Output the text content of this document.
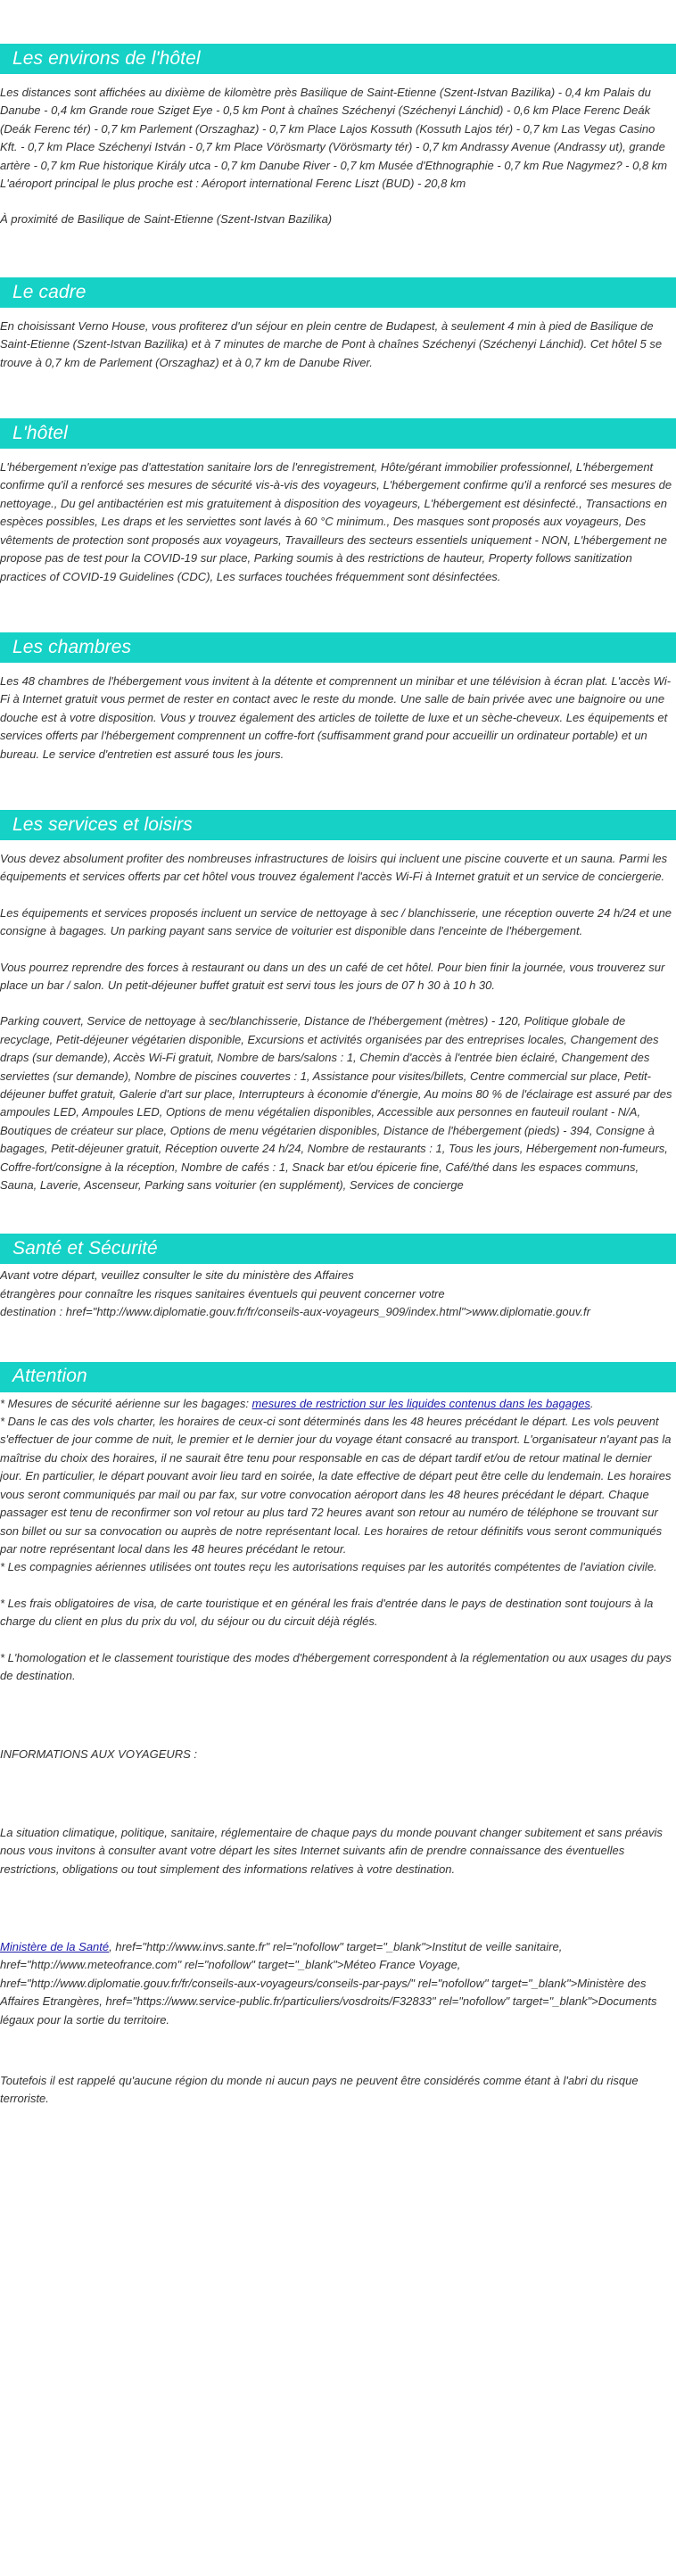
Les environs de l'hôtel

Les distances sont affichées au dixième de kilomètre près Basilique de Saint-Etienne (Szent-Istvan Bazilika) - 0,4 km Palais du Danube - 0,4 km Grande roue Sziget Eye - 0,5 km Pont à chaînes Széchenyi (Széchenyi Lánchid) - 0,6 km Place Ferenc Deák (Deák Ferenc tér) - 0,7 km Parlement (Orszaghaz) - 0,7 km Place Lajos Kossuth (Kossuth Lajos tér) - 0,7 km Las Vegas Casino Kft. - 0,7 km Place Széchenyi István - 0,7 km Place Vörösmarty (Vörösmarty tér) - 0,7 km Andrassy Avenue (Andrassy ut), grande artère - 0,7 km Rue historique Király utca - 0,7 km Danube River - 0,7 km Musée d'Ethnographie - 0,7 km Rue Nagymez? - 0,8 km L'aéroport principal le plus proche est : Aéroport international Ferenc Liszt (BUD) - 20,8 km

À proximité de Basilique de Saint-Etienne (Szent-Istvan Bazilika)

Le cadre

En choisissant Verno House, vous profiterez d'un séjour en plein centre de Budapest, à seulement 4 min à pied de Basilique de Saint-Etienne (Szent-Istvan Bazilika) et à 7 minutes de marche de Pont à chaînes Széchenyi (Széchenyi Lánchid). Cet hôtel 5 se trouve à 0,7 km de Parlement (Orszaghaz) et à 0,7 km de Danube River.

L'hôtel

L'hébergement n'exige pas d'attestation sanitaire lors de l'enregistrement, Hôte/gérant immobilier professionnel, L'hébergement confirme qu'il a renforcé ses mesures de sécurité vis-à-vis des voyageurs, L'hébergement confirme qu'il a renforcé ses mesures de nettoyage., Du gel antibactérien est mis gratuitement à disposition des voyageurs, L'hébergement est désinfecté., Transactions en espèces possibles, Les draps et les serviettes sont lavés à 60 °C minimum., Des masques sont proposés aux voyageurs, Des vêtements de protection sont proposés aux voyageurs, Travailleurs des secteurs essentiels uniquement - NON, L'hébergement ne propose pas de test pour la COVID-19 sur place, Parking soumis à des restrictions de hauteur, Property follows sanitization practices of COVID-19 Guidelines (CDC), Les surfaces touchées fréquemment sont désinfectées.

Les chambres

Les 48 chambres de l'hébergement vous invitent à la détente et comprennent un minibar et une télévision à écran plat. L'accès Wi-Fi à Internet gratuit vous permet de rester en contact avec le reste du monde. Une salle de bain privée avec une baignoire ou une douche est à votre disposition. Vous y trouvez également des articles de toilette de luxe et un sèche-cheveux. Les équipements et services offerts par l'hébergement comprennent un coffre-fort (suffisamment grand pour accueillir un ordinateur portable) et un bureau. Le service d'entretien est assuré tous les jours.

Les services et loisirs

Vous devez absolument profiter des nombreuses infrastructures de loisirs qui incluent une piscine couverte et un sauna. Parmi les équipements et services offerts par cet hôtel vous trouvez également l'accès Wi-Fi à Internet gratuit et un service de conciergerie.

Les équipements et services proposés incluent un service de nettoyage à sec / blanchisserie, une réception ouverte 24 h/24 et une consigne à bagages. Un parking payant sans service de voiturier est disponible dans l'enceinte de l'hébergement.

Vous pourrez reprendre des forces à restaurant ou dans un des un café de cet hôtel. Pour bien finir la journée, vous trouverez sur place un bar / salon. Un petit-déjeuner buffet gratuit est servi tous les jours de 07 h 30 à 10 h 30.

Parking couvert, Service de nettoyage à sec/blanchisserie, Distance de l'hébergement (mètres) - 120, Politique globale de recyclage, Petit-déjeuner végétarien disponible, Excursions et activités organisées par des entreprises locales, Changement des draps (sur demande), Accès Wi-Fi gratuit, Nombre de bars/salons : 1, Chemin d'accès à l'entrée bien éclairé, Changement des serviettes (sur demande), Nombre de piscines couvertes : 1, Assistance pour visites/billets, Centre commercial sur place, Petit-déjeuner buffet gratuit, Galerie d'art sur place, Interrupteurs à économie d'énergie, Au moins 80 % de l'éclairage est assuré par des ampoules LED, Ampoules LED, Options de menu végétalien disponibles, Accessible aux personnes en fauteuil roulant - N/A, Boutiques de créateur sur place, Options de menu végétarien disponibles, Distance de l'hébergement (pieds) - 394, Consigne à bagages, Petit-déjeuner gratuit, Réception ouverte 24 h/24, Nombre de restaurants : 1, Tous les jours, Hébergement non-fumeurs, Coffre-fort/consigne à la réception, Nombre de cafés : 1, Snack bar et/ou épicerie fine, Café/thé dans les espaces communs, Sauna, Laverie, Ascenseur, Parking sans voiturier (en supplément), Services de concierge

Santé et Sécurité

Avant votre départ, veuillez consulter le site du ministère des Affaires

étrangères pour connaître les risques sanitaires éventuels qui peuvent concerner votre

destination : href="http://www.diplomatie.gouv.fr/fr/conseils-aux-voyageurs_909/index.html">www.diplomatie.gouv.fr

Attention

* Mesures de sécurité aérienne sur les bagages: mesures de restriction sur les liquides contenus dans les bagages.

* Dans le cas des vols charter, les horaires de ceux-ci sont déterminés dans les 48 heures précédant le départ. Les vols peuvent s'effectuer de jour comme de nuit, le premier et le dernier jour du voyage étant consacré au transport. L'organisateur n'ayant pas la maîtrise du choix des horaires, il ne saurait être tenu pour responsable en cas de départ tardif et/ou de retour matinal le dernier jour. En particulier, le départ pouvant avoir lieu tard en soirée, la date effective de départ peut être celle du lendemain. Les horaires vous seront communiqués par mail ou par fax, sur votre convocation aéroport dans les 48 heures précédant le départ. Chaque passager est tenu de reconfirmer son vol retour au plus tard 72 heures avant son retour au numéro de téléphone se trouvant sur son billet ou sur sa convocation ou auprès de notre représentant local. Les horaires de retour définitifs vous seront communiqués par notre représentant local dans les 48 heures précédant le retour.

* Les compagnies aériennes utilisées ont toutes reçu les autorisations requises par les autorités compétentes de l'aviation civile.

* Les frais obligatoires de visa, de carte touristique et en général les frais d'entrée dans le pays de destination sont toujours à la charge du client en plus du prix du vol, du séjour ou du circuit déjà réglés.

* L'homologation et le classement touristique des modes d'hébergement correspondent à la réglementation ou aux usages du pays de destination.

INFORMATIONS AUX VOYAGEURS :

La situation climatique, politique, sanitaire, réglementaire de chaque pays du monde pouvant changer subitement et sans préavis

nous vous invitons à consulter avant votre départ les sites Internet suivants afin de prendre connaissance des éventuelles restrictions, obligations ou tout simplement des informations relatives à votre destination.

Ministère de la Santé, href="http://www.invs.sante.fr" rel="nofollow" target="_blank">Institut de veille sanitaire, href="http://www.meteofrance.com" rel="nofollow" target="_blank">Méteo France Voyage, href="http://www.diplomatie.gouv.fr/fr/conseils-aux-voyageurs/conseils-par-pays/" rel="nofollow" target="_blank">Ministère des Affaires Etrangères, href="https://www.service-public.fr/particuliers/vosdroits/F32833" rel="nofollow" target="_blank">Documents légaux pour la sortie du territoire.

Toutefois il est rappelé qu'aucune région du monde ni aucun pays ne peuvent être considérés comme étant à l'abri du risque terroriste.
